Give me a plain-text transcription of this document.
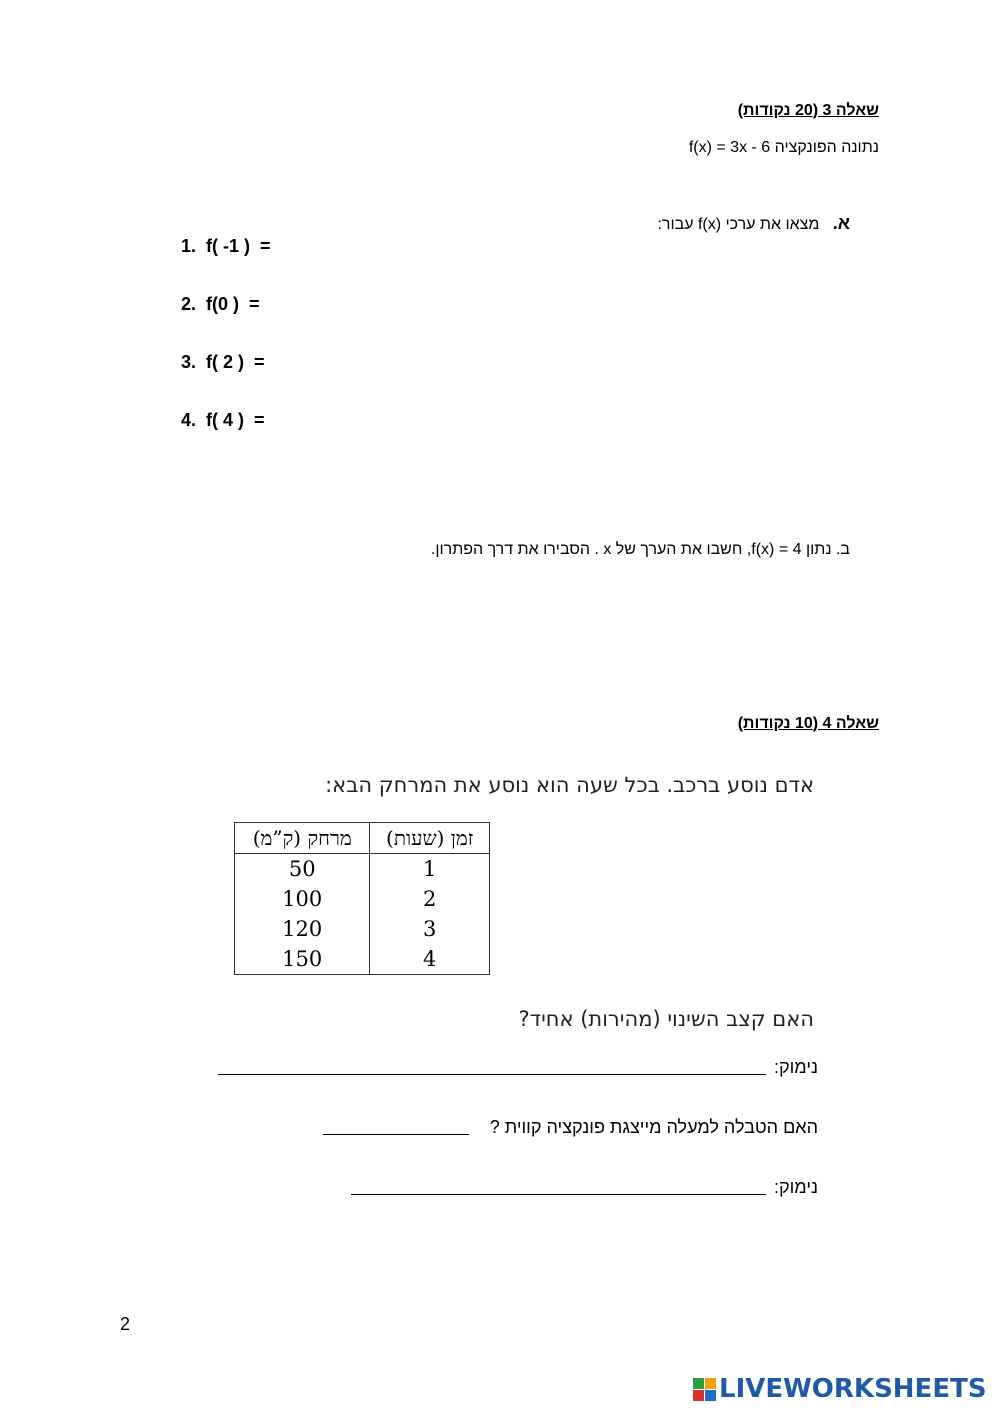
שאלה 3 (20 נקודות)
נתונה הפונקציה f(x) = 3x - 6
א.   מצאו את ערכי f(x) עבור:
1. f( -1 ) =
2. f(0 ) =
3. f( 2 ) =
4. f( 4 ) =
ב. נתון f(x) = 4, חשבו את הערך של x . הסבירו את דרך הפתרון.
שאלה 4 (10 נקודות)
אדם נוסע ברכב. בכל שעה הוא נוסע את המרחק הבא:
זמן (שעות)	מרחק (ק”מ)
1	50
2	100
3	120
4	150
האם קצב השינוי (מהירות) אחיד?
נימוק:
האם הטבלה למעלה מייצגת פונקציה קווית ?
נימוק:
2
LIVEWORKSHEETS
